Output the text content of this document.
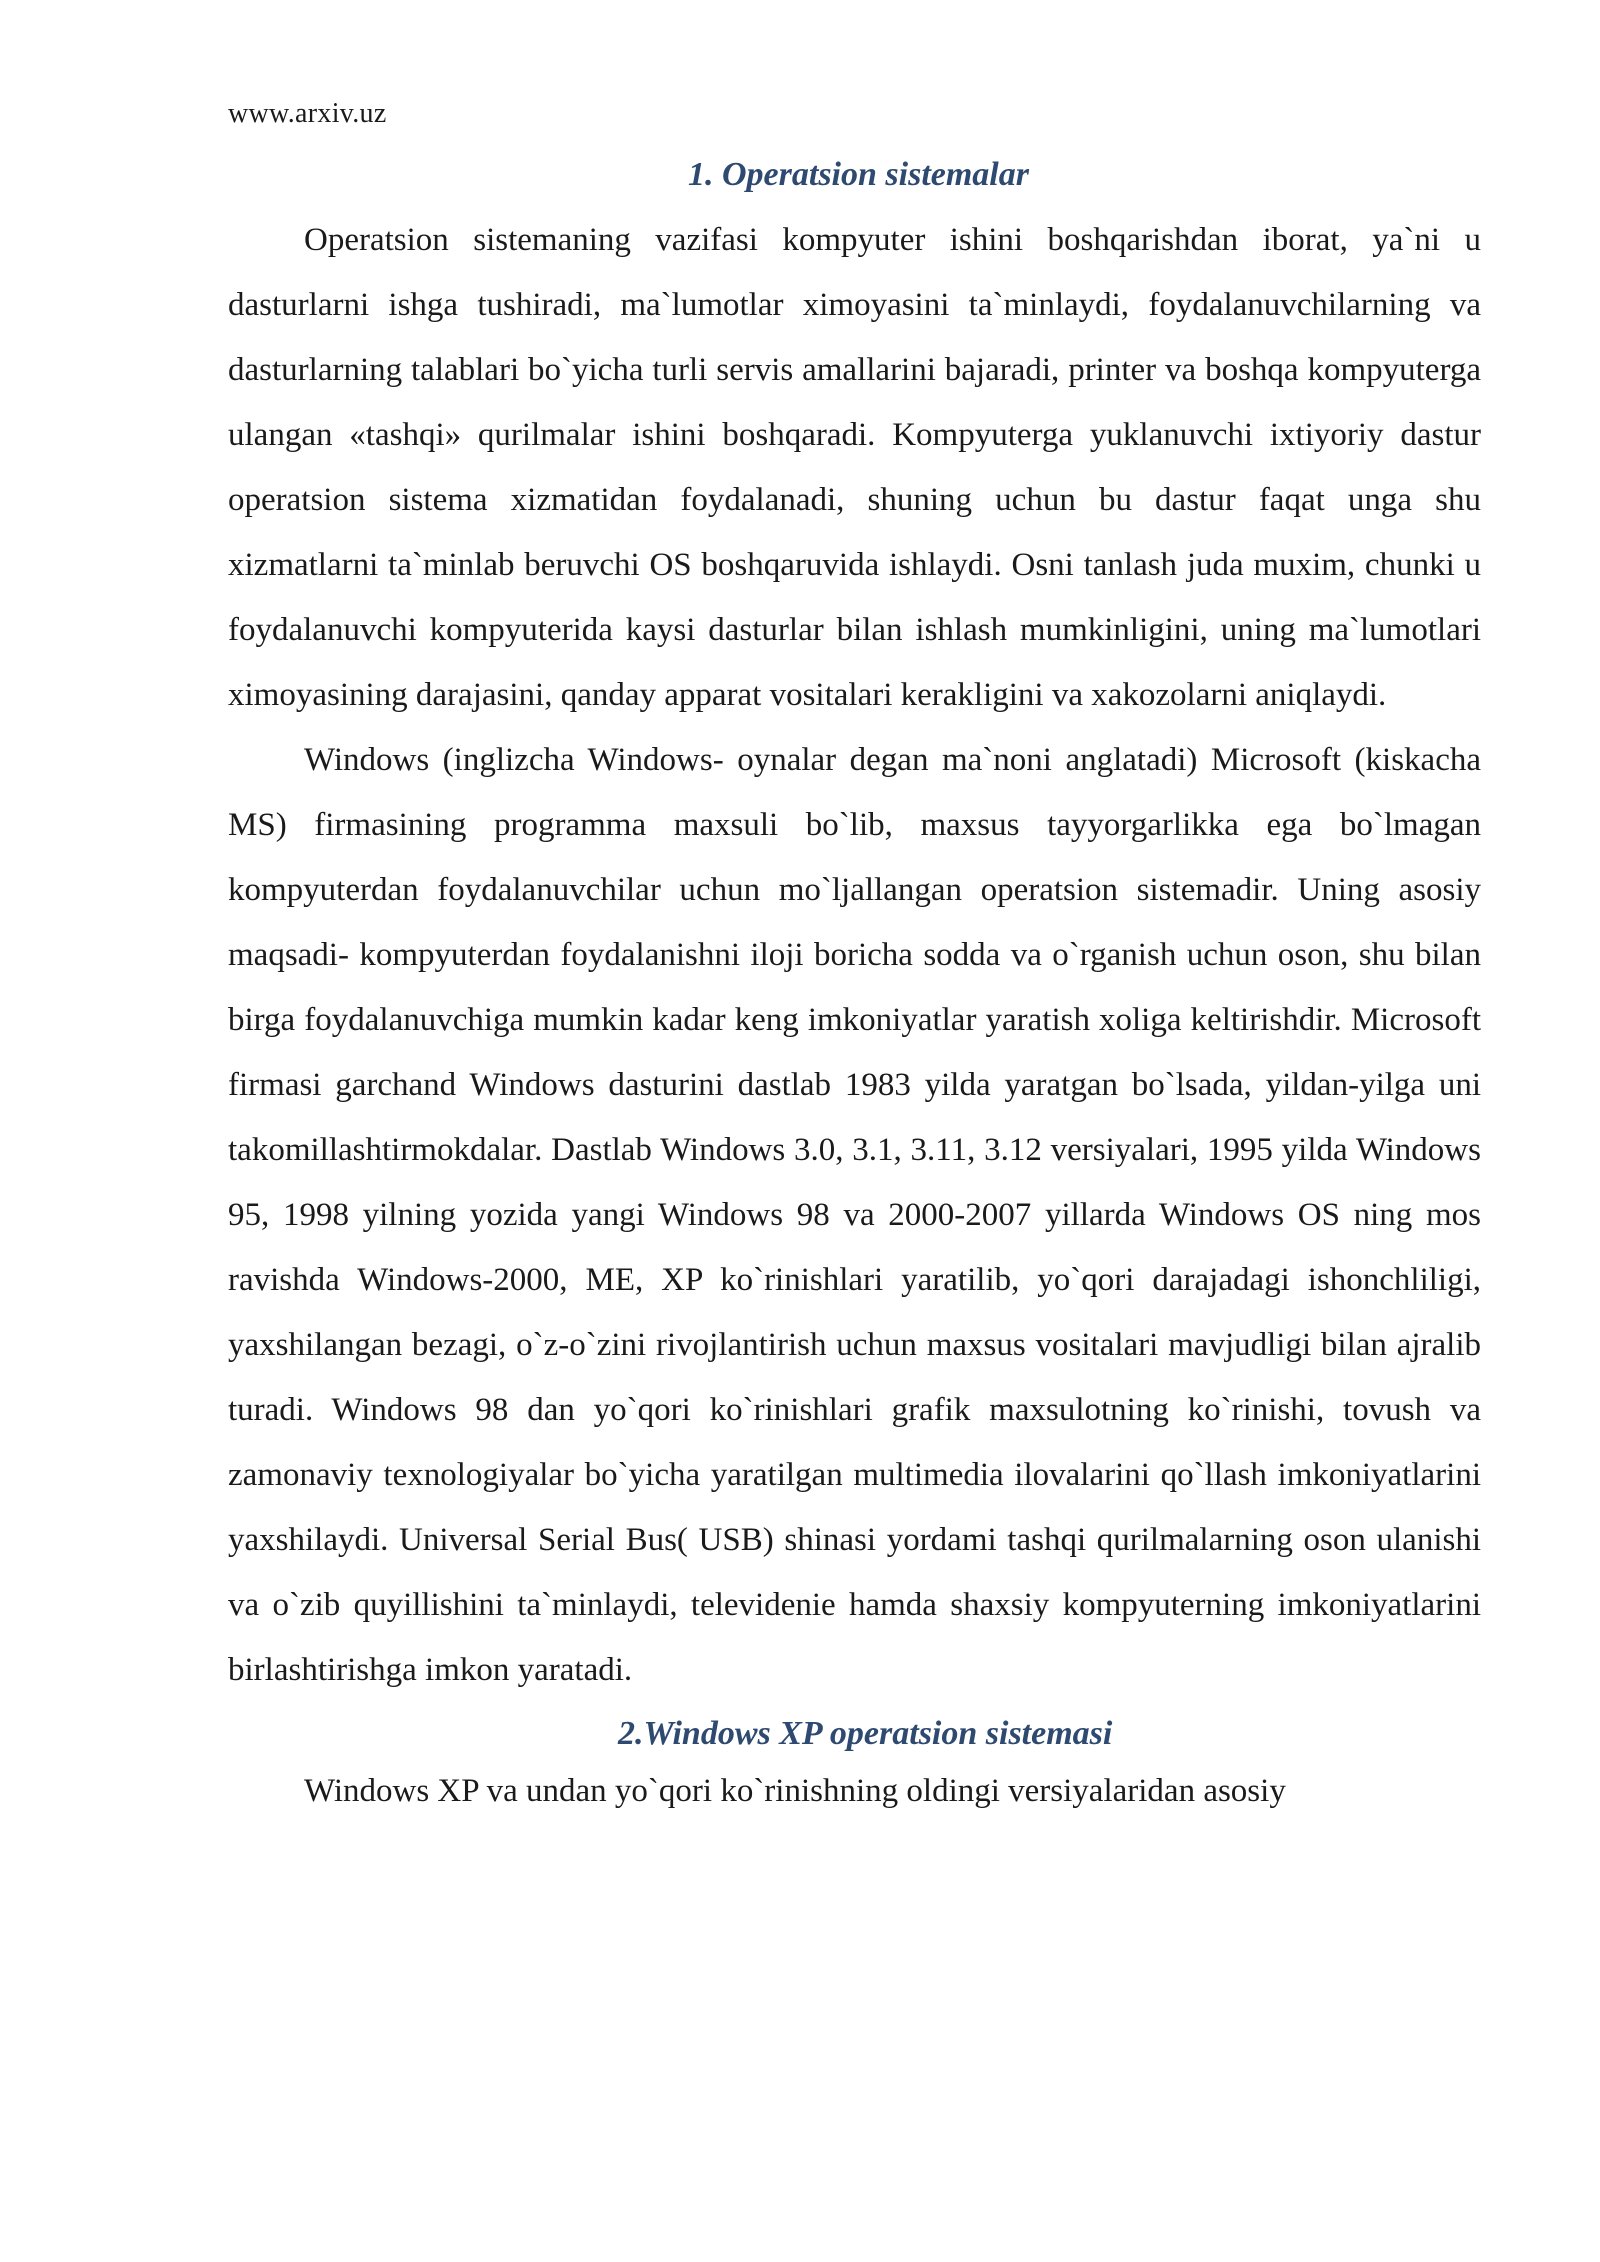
www.arxiv.uz
1. Operatsion sistemalar

Operatsion sistemaning vazifasi kompyuter ishini boshqarishdan iborat, ya`ni u dasturlarni ishga tushiradi, ma`lumotlar ximoyasini ta`minlaydi, foydalanuvchilarning va dasturlarning talablari bo`yicha turli servis amallarini bajaradi, printer va boshqa kompyuterga ulangan «tashqi» qurilmalar ishini boshqaradi. Kompyuterga yuklanuvchi ixtiyoriy dastur operatsion sistema xizmatidan foydalanadi, shuning uchun bu dastur faqat unga shu xizmatlarni ta`minlab beruvchi OS boshqaruvida ishlaydi. Osni tanlash juda muxim, chunki u foydalanuvchi kompyuterida kaysi dasturlar bilan ishlash mumkinligini, uning ma`lumotlari ximoyasining darajasini, qanday apparat vositalari kerakligini va xakozolarni aniqlaydi.

Windows (inglizcha Windows- oynalar degan ma`noni anglatadi) Microsoft (kiskacha MS) firmasining programma maxsuli bo`lib, maxsus tayyorgarlikka ega bo`lmagan kompyuterdan foydalanuvchilar uchun mo`ljallangan operatsion sistemadir. Uning asosiy maqsadi- kompyuterdan foydalanishni iloji boricha sodda va o`rganish uchun oson, shu bilan birga foydalanuvchiga mumkin kadar keng imkoniyatlar yaratish xoliga keltirishdir. Microsoft firmasi garchand Windows dasturini dastlab 1983 yilda yaratgan bo`lsada, yildan-yilga uni takomillashtirmokdalar. Dastlab Windows 3.0, 3.1, 3.11, 3.12 versiyalari, 1995 yilda Windows 95, 1998 yilning yozida yangi Windows 98 va 2000-2007 yillarda Windows OS ning mos ravishda Windows-2000, ME, XP ko`rinishlari yaratilib, yo`qori darajadagi ishonchliligi, yaxshilangan bezagi, o`z-o`zini rivojlantirish uchun maxsus vositalari mavjudligi bilan ajralib turadi. Windows 98 dan yo`qori ko`rinishlari grafik maxsulotning ko`rinishi, tovush va zamonaviy texnologiyalar bo`yicha yaratilgan multimedia ilovalarini qo`llash imkoniyatlarini yaxshilaydi. Universal Serial Bus( USB) shinasi yordami tashqi qurilmalarning oson ulanishi va o`zib quyillishini ta`minlaydi, televidenie hamda shaxsiy kompyuterning imkoniyatlarini birlashtirishga imkon yaratadi.

2.Windows XP operatsion sistemasi

Windows XP va undan yo`qori ko`rinishning oldingi versiyalaridan asosiy
